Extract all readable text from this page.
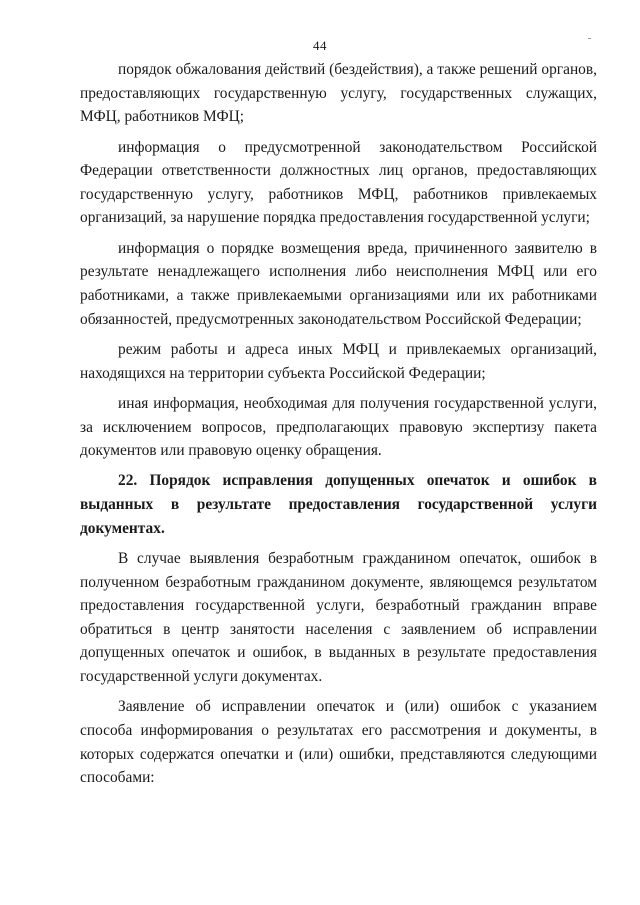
44

порядок обжалования действий (бездействия), а также решений органов, предоставляющих государственную услугу, государственных служащих, МФЦ, работников МФЦ;

информация о предусмотренной законодательством Российской Федерации ответственности должностных лиц органов, предоставляющих государственную услугу, работников МФЦ, работников привлекаемых организаций, за нарушение порядка предоставления государственной услуги;

информация о порядке возмещения вреда, причиненного заявителю в результате ненадлежащего исполнения либо неисполнения МФЦ или его работниками, а также привлекаемыми организациями или их работниками обязанностей, предусмотренных законодательством Российской Федерации;

режим работы и адреса иных МФЦ и привлекаемых организаций, находящихся на территории субъекта Российской Федерации;

иная информация, необходимая для получения государственной услуги, за исключением вопросов, предполагающих правовую экспертизу пакета документов или правовую оценку обращения.

22. Порядок исправления допущенных опечаток и ошибок в выданных в результате предоставления государственной услуги документах.

В случае выявления безработным гражданином опечаток, ошибок в полученном безработным гражданином документе, являющемся результатом предоставления государственной услуги, безработный гражданин вправе обратиться в центр занятости населения с заявлением об исправлении допущенных опечаток и ошибок, в выданных в результате предоставления государственной услуги документах.

Заявление об исправлении опечаток и (или) ошибок с указанием способа информирования о результатах его рассмотрения и документы, в которых содержатся опечатки и (или) ошибки, представляются следующими способами:
